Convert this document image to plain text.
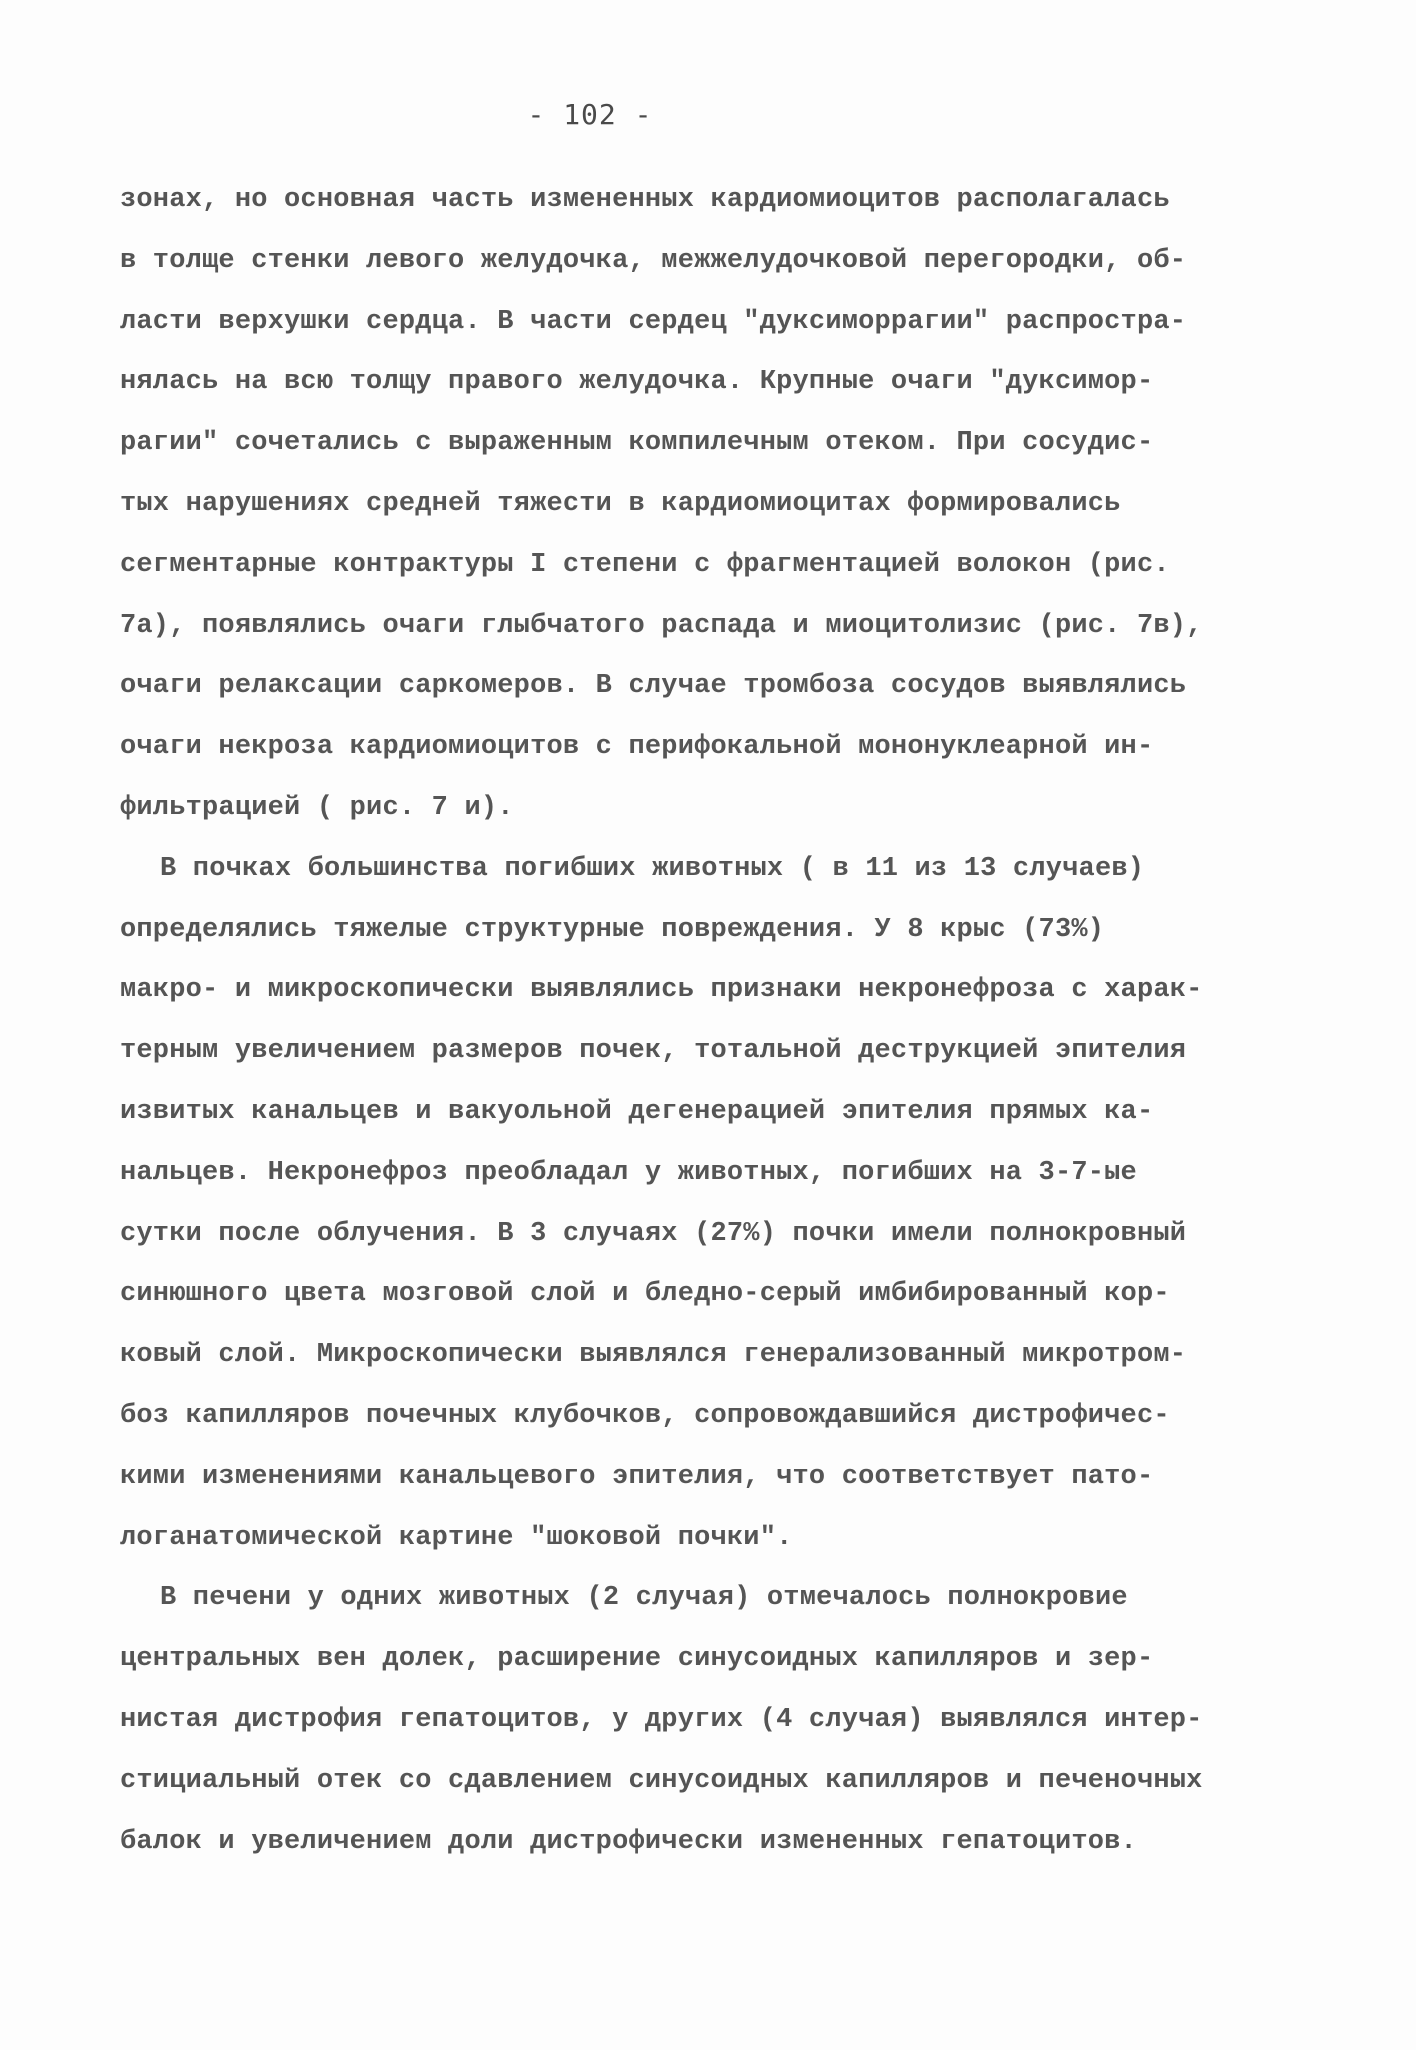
- 102 -
зонах, но основная часть измененных кардиомиоцитов располагалась
в толще стенки левого желудочка, межжелудочковой перегородки, об-
ласти верхушки сердца. В части сердец "дуксиморрагии" распростра-
нялась на всю толщу правого желудочка. Крупные очаги "дуксимор-
рагии" сочетались с выраженным компилечным отеком. При сосудис-
тых нарушениях средней тяжести в кардиомиоцитах формировались
сегментарные контрактуры I степени с фрагментацией волокон (рис.
7а), появлялись очаги глыбчатого распада и миоцитолизис (рис. 7в),
очаги релаксации саркомеров. В случае тромбоза сосудов выявлялись
очаги некроза кардиомиоцитов с перифокальной мононуклеарной ин-
фильтрацией ( рис. 7 и).
В почках большинства погибших животных ( в 11 из 13 случаев)
определялись тяжелые структурные повреждения. У 8 крыс (73%)
макро- и микроскопически выявлялись признаки некронефроза с харак-
терным увеличением размеров почек, тотальной деструкцией эпителия
извитых канальцев и вакуольной дегенерацией эпителия прямых ка-
нальцев. Некронефроз преобладал у животных, погибших на 3-7-ые
сутки после облучения. В 3 случаях (27%) почки имели полнокровный
синюшного цвета мозговой слой и бледно-серый имбибированный кор-
ковый слой. Микроскопически выявлялся генерализованный микротром-
боз капилляров почечных клубочков, сопровождавшийся дистрофичес-
кими изменениями канальцевого эпителия, что соответствует пато-
логанатомической картине "шоковой почки".
В печени у одних животных (2 случая) отмечалось полнокровие
центральных вен долек, расширение синусоидных капилляров и зер-
нистая дистрофия гепатоцитов, у других (4 случая) выявлялся интер-
стициальный отек со сдавлением синусоидных капилляров и печеночных
балок и увеличением доли дистрофически измененных гепатоцитов.
